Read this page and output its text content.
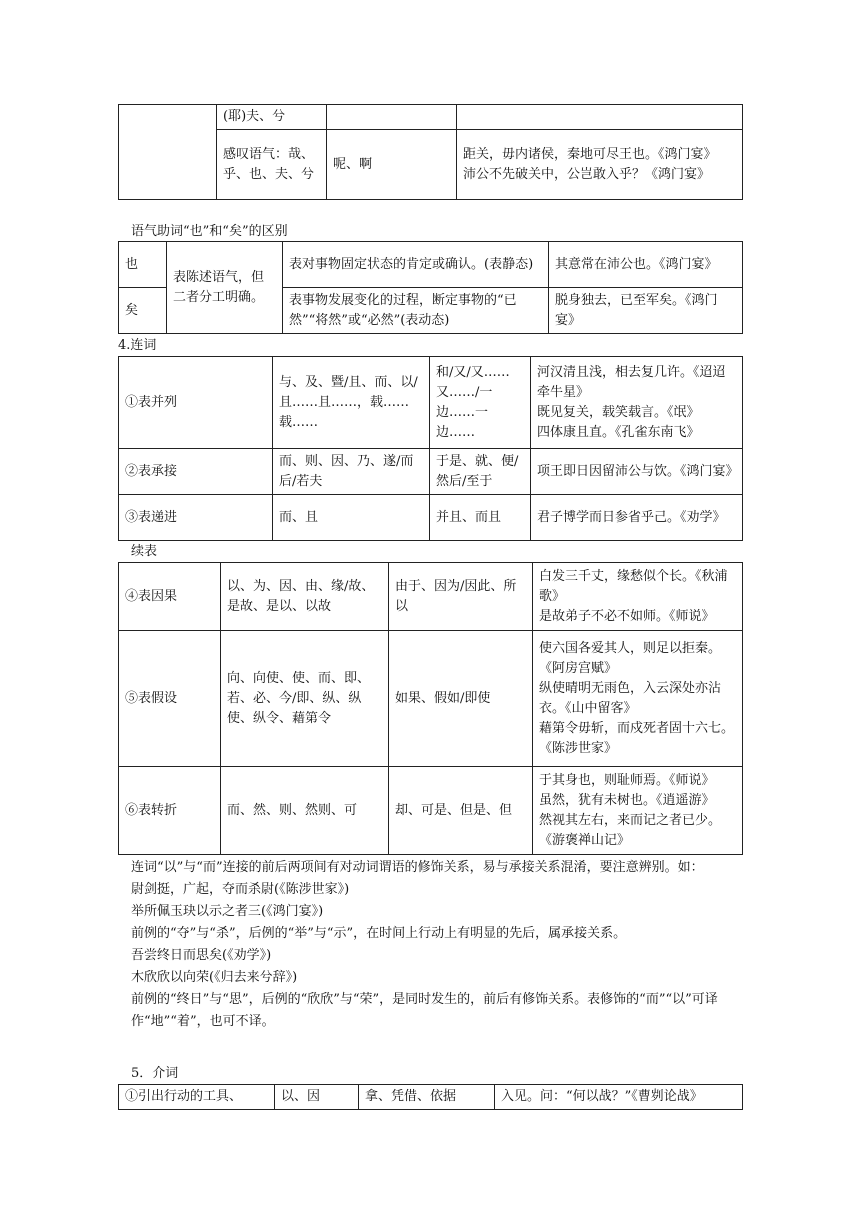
	(耶)夫、兮		
	感叹语气：哉、乎、也、夫、兮	呢、啊	距关，毋内诸侯，秦地可尽王也。《鸿门宴》
沛公不先破关中，公岂敢入乎？《鸿门宴》
语气助词“也”和“矣”的区别
也	表陈述语气，但二者分工明确。	表对事物固定状态的肯定或确认。(表静态)	其意常在沛公也。《鸿门宴》
矣		表事物发展变化的过程，断定事物的“已然”“将然”或“必然”(表动态)	脱身独去，已至军矣。《鸿门宴》
4.连词
①表并列	与、及、暨/且、而、以/且……且……，载……载……	和/又/又……又……/一边……一边……	河汉清且浅，相去复几许。《迢迢牵牛星》
既见复关，载笑载言。《氓》
四体康且直。《孔雀东南飞》
②表承接	而、则、因、乃、遂/而后/若夫	于是、就、便/然后/至于	项王即日因留沛公与饮。《鸿门宴》
③表递进	而、且	并且、而且	君子博学而日参省乎己。《劝学》
续表
④表因果	以、为、因、由、缘/故、是故、是以、以故	由于、因为/因此、所以	白发三千丈，缘愁似个长。《秋浦歌》
是故弟子不必不如师。《师说》
⑤表假设	向、向使、使、而、即、若、必、今/即、纵、纵使、纵令、藉第令	如果、假如/即使	使六国各爱其人，则足以拒秦。《阿房宫赋》
纵使晴明无雨色，入云深处亦沾衣。《山中留客》
藉第令毋斩，而戍死者固十六七。《陈涉世家》
⑥表转折	而、然、则、然则、可	却、可是、但是、但	于其身也，则耻师焉。《师说》
虽然，犹有未树也。《逍遥游》
然视其左右，来而记之者已少。《游褒禅山记》
连词“以”与“而”连接的前后两项间有对动词谓语的修饰关系，易与承接关系混淆，要注意辨别。如：
尉剑挺，广起，夺而杀尉(《陈涉世家》)
举所佩玉玦以示之者三(《鸿门宴》)
前例的“夺”与“杀”，后例的“举”与“示”，在时间上行动上有明显的先后，属承接关系。
吾尝终日而思矣(《劝学》)
木欣欣以向荣(《归去来兮辞》)
前例的“终日”与“思”，后例的“欣欣”与“荣”，是同时发生的，前后有修饰关系。表修饰的“而”“以”可译作“地”“着”，也可不译。
5．介词
①引出行动的工具、	以、因	拿、凭借、依据	入见。问：“何以战？”《曹刿论战》
